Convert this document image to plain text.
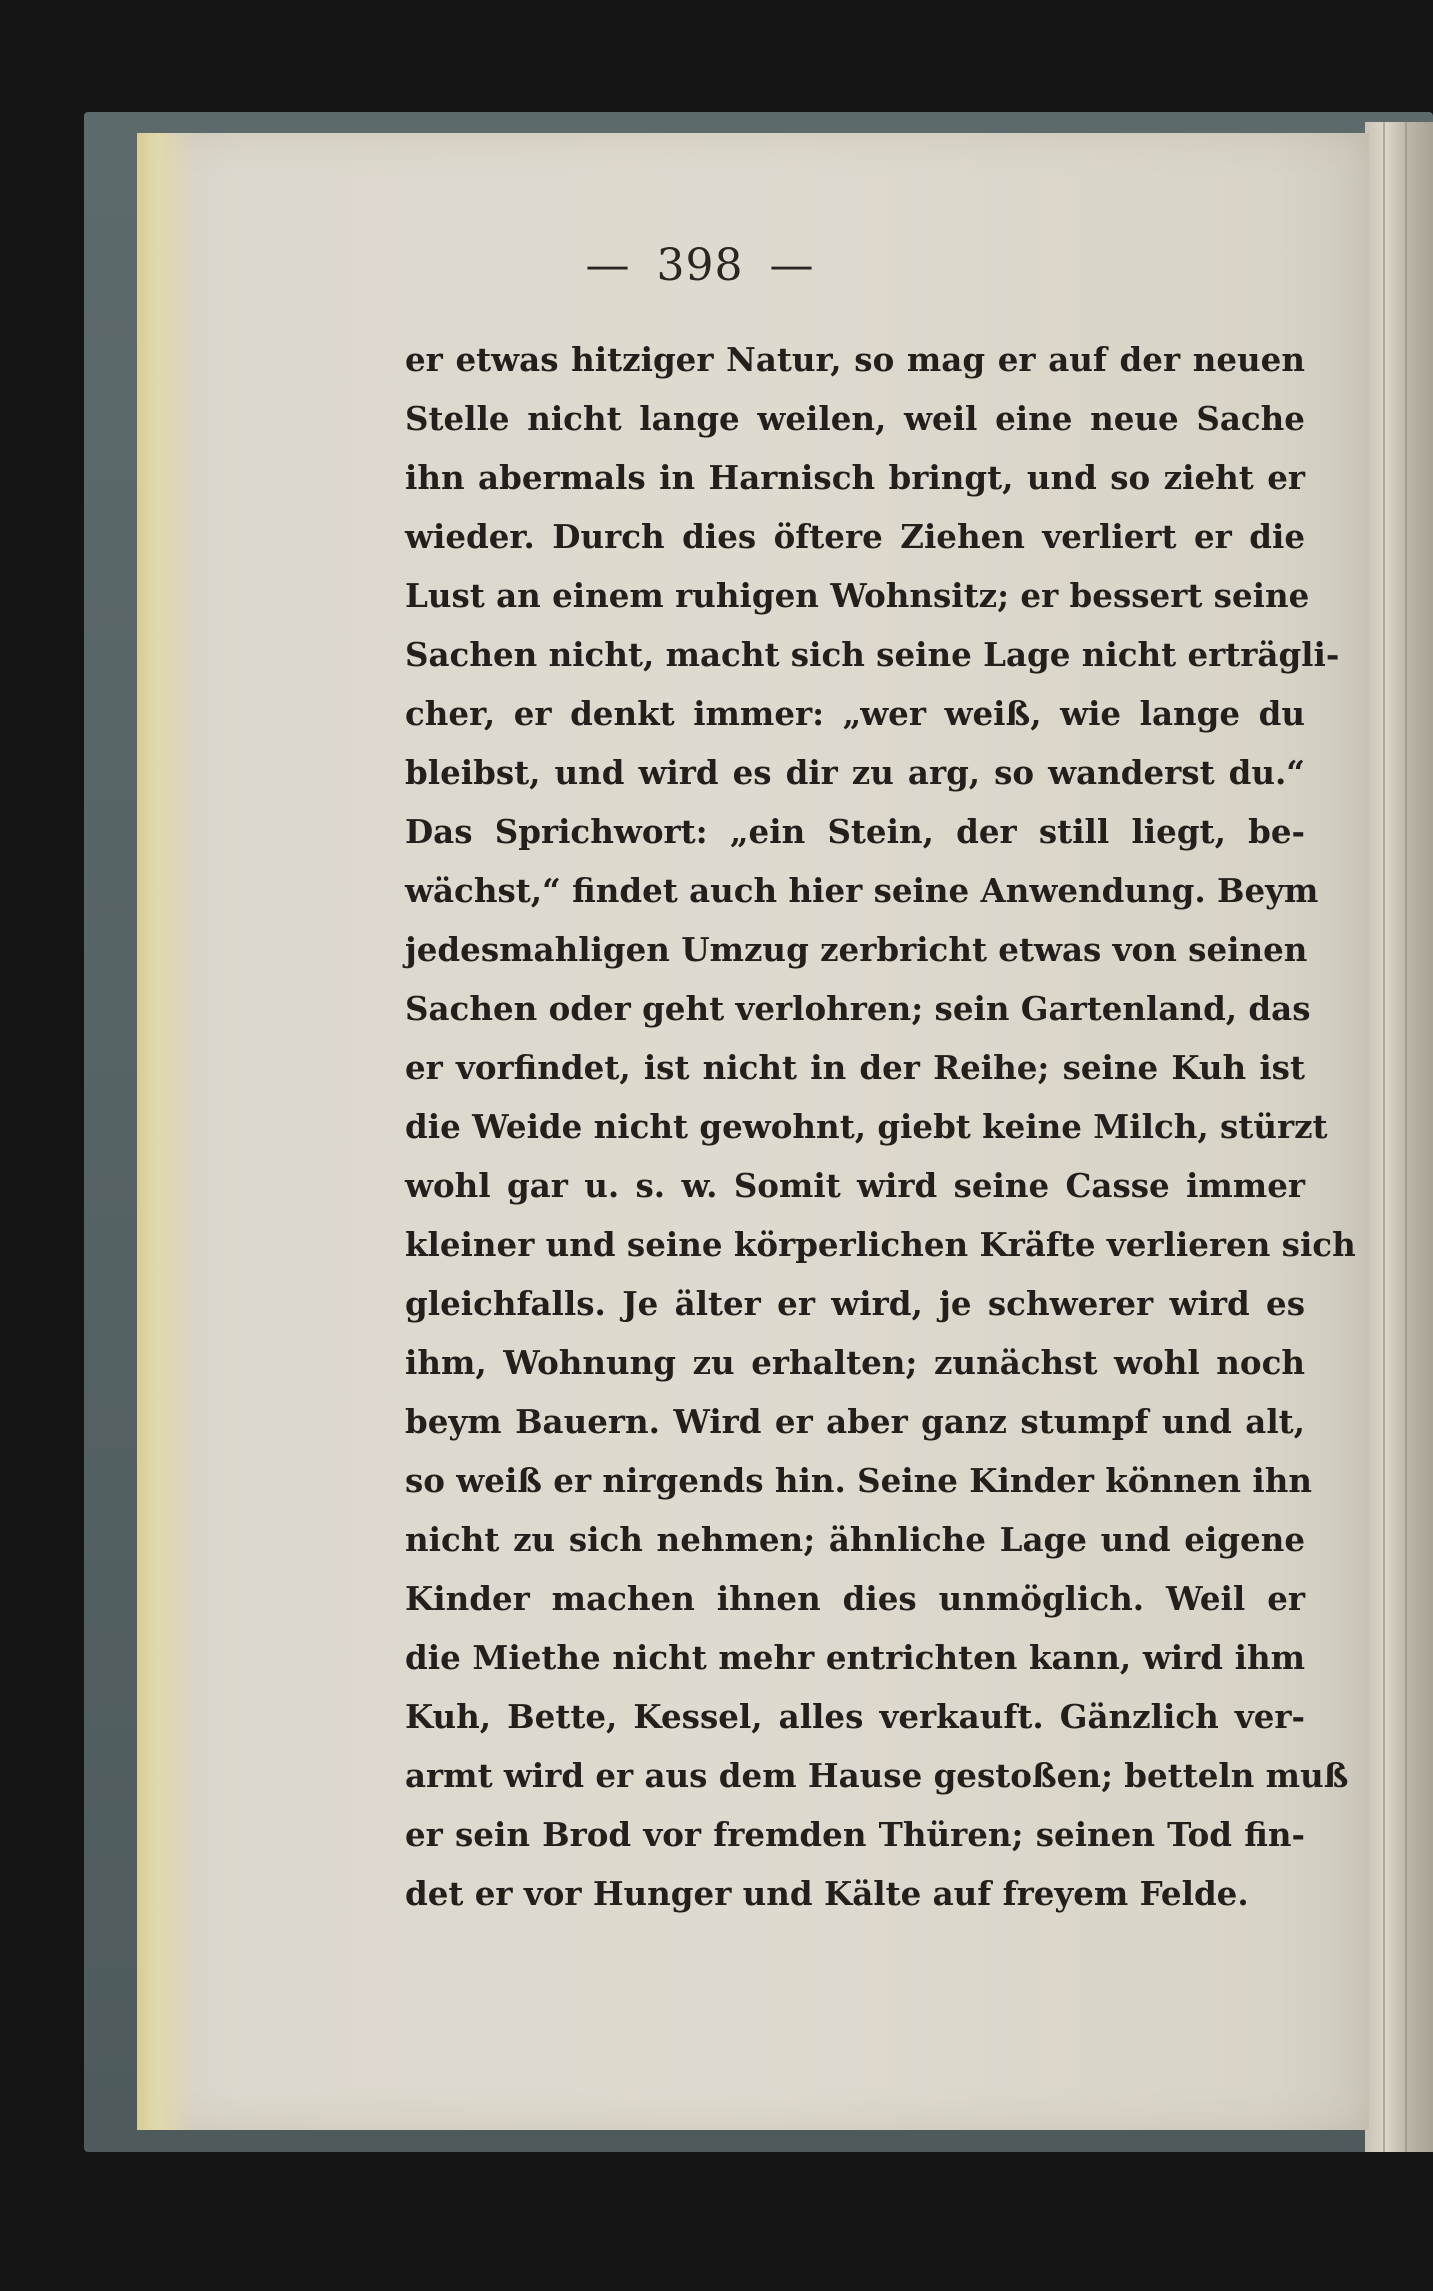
— 398 —
er etwas hitziger Natur, so mag er auf der neuen
Stelle nicht lange weilen, weil eine neue Sache
ihn abermals in Harnisch bringt, und so zieht er
wieder. Durch dies öftere Ziehen verliert er die
Lust an einem ruhigen Wohnsitz; er bessert seine
Sachen nicht, macht sich seine Lage nicht erträgli-
cher, er denkt immer: „wer weiß, wie lange du
bleibst, und wird es dir zu arg, so wanderst du.“
Das Sprichwort: „ein Stein, der still liegt, be-
wächst,“ findet auch hier seine Anwendung. Beym
jedesmahligen Umzug zerbricht etwas von seinen
Sachen oder geht verlohren; sein Gartenland, das
er vorfindet, ist nicht in der Reihe; seine Kuh ist
die Weide nicht gewohnt, giebt keine Milch, stürzt
wohl gar u. s. w. Somit wird seine Casse immer
kleiner und seine körperlichen Kräfte verlieren sich
gleichfalls. Je älter er wird, je schwerer wird es
ihm, Wohnung zu erhalten; zunächst wohl noch
beym Bauern. Wird er aber ganz stumpf und alt,
so weiß er nirgends hin. Seine Kinder können ihn
nicht zu sich nehmen; ähnliche Lage und eigene
Kinder machen ihnen dies unmöglich. Weil er
die Miethe nicht mehr entrichten kann, wird ihm
Kuh, Bette, Kessel, alles verkauft. Gänzlich ver-
armt wird er aus dem Hause gestoßen; betteln muß
er sein Brod vor fremden Thüren; seinen Tod fin-
det er vor Hunger und Kälte auf freyem Felde.
